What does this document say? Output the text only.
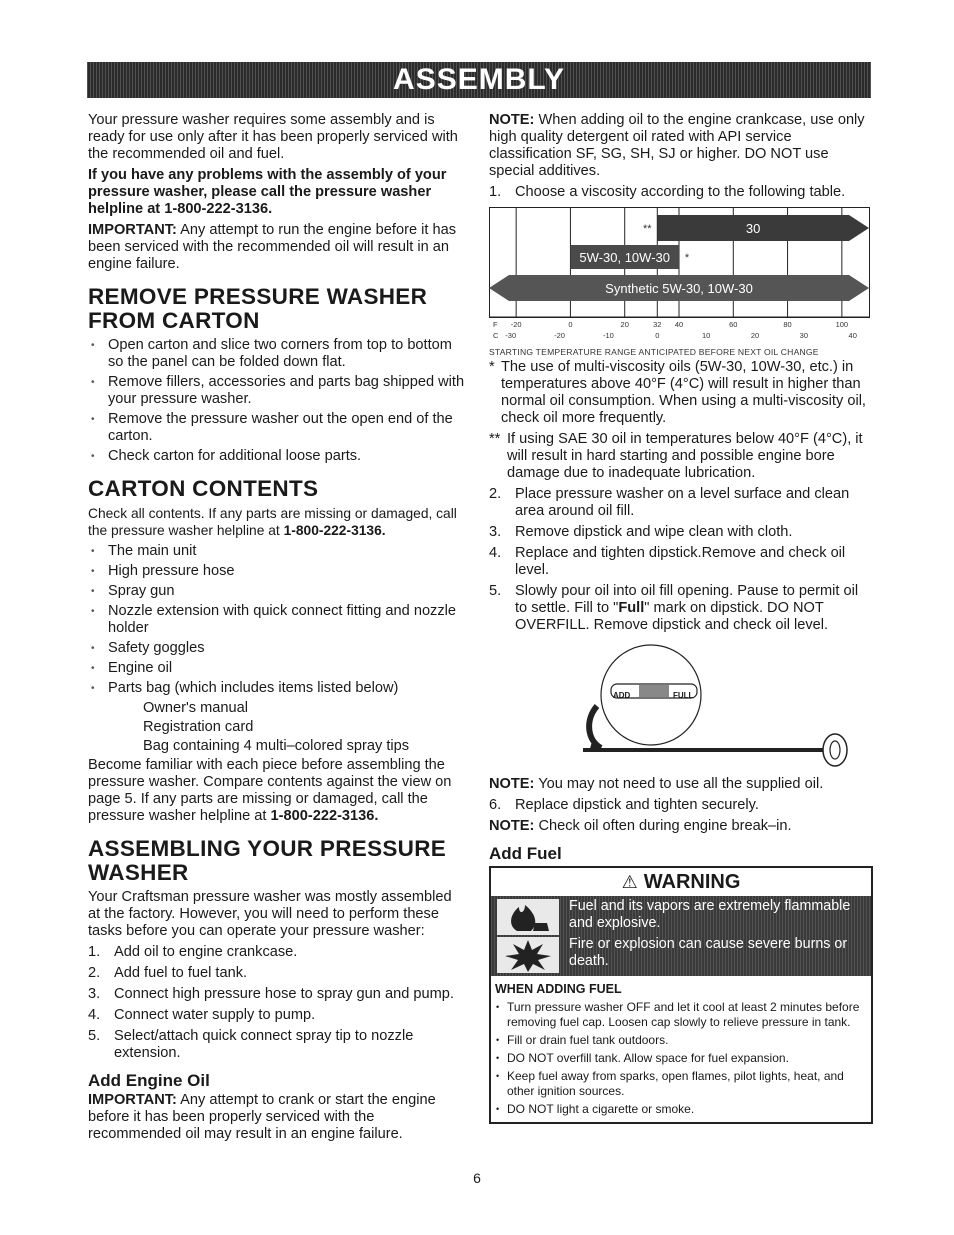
ASSEMBLY

Your pressure washer requires some assembly and is ready for use only after it has been properly serviced with the recommended oil and fuel.

If you have any problems with the assembly of your pressure washer, please call the pressure washer helpline at 1-800-222-3136.

IMPORTANT: Any attempt to run the engine before it has been serviced with the recommended oil will result in an engine failure.

REMOVE PRESSURE WASHER
FROM CARTON
• Open carton and slice two corners from top to bottom so the panel can be folded down flat.
• Remove fillers, accessories and parts bag shipped with your pressure washer.
• Remove the pressure washer out the open end of the carton.
• Check carton for additional loose parts.
CARTON CONTENTS

Check all contents. If any parts are missing or damaged, call the pressure washer helpline at 1-800-222-3136.

• The main unit
• High pressure hose
• Spray gun
• Nozzle extension with quick connect fitting and nozzle holder
• Safety goggles
• Engine oil
• Parts bag (which includes items listed below)
Owner's manual
Registration card
Bag containing 4 multi–colored spray tips

Become familiar with each piece before assembling the pressure washer. Compare contents against the view on page 5. If any parts are missing or damaged, call the pressure washer helpline at 1-800-222-3136.

ASSEMBLING YOUR PRESSURE
WASHER

Your Craftsman pressure washer was mostly assembled at the factory. However, you will need to perform these tasks before you can operate your pressure washer:

1. Add oil to engine crankcase.
2. Add fuel to fuel tank.
3. Connect high pressure hose to spray gun and pump.
4. Connect water supply to pump.
5. Select/attach quick connect spray tip to nozzle extension.
Add Engine Oil

IMPORTANT: Any attempt to crank or start the engine before it has been properly serviced with the recommended oil may result in an engine failure.

NOTE: When adding oil to the engine crankcase, use only high quality detergent oil rated with API service classification SF, SG, SH, SJ or higher. DO NOT use special additives.

1. Choose a viscosity according to the following table.
30
**
5W-30, 10W-30 *
Synthetic 5W-30, 10W-30
F -20	0	20	32 40	60	80	100
C -30	-20	-10	0	10	20	30	40
STARTING TEMPERATURE RANGE ANTICIPATED BEFORE NEXT OIL CHANGE
* The use of multi-viscosity oils (5W-30, 10W-30, etc.) in temperatures above 40°F (4°C) will result in higher than normal oil consumption. When using a multi-viscosity oil, check oil more frequently.
** If using SAE 30 oil in temperatures below 40°F (4°C), it will result in hard starting and possible engine bore damage due to inadequate lubrication.
2. Place pressure washer on a level surface and clean area around oil fill.
3. Remove dipstick and wipe clean with cloth.
4. Replace and tighten dipstick.Remove and check oil level.
5. Slowly pour oil into oil fill opening. Pause to permit oil to settle. Fill to "Full" mark on dipstick. DO NOT OVERFILL. Remove dipstick and check oil level.
ADD	FULL

NOTE: You may not need to use all the supplied oil.

6. Replace dipstick and tighten securely.

NOTE: Check oil often during engine break–in.

Add Fuel
⚠ WARNING
Fuel and its vapors are extremely flammable and explosive.
Fire or explosion can cause severe burns or death.
WHEN ADDING FUEL
• Turn pressure washer OFF and let it cool at least 2 minutes before removing fuel cap. Loosen cap slowly to relieve pressure in tank.
• Fill or drain fuel tank outdoors.
• DO NOT overfill tank. Allow space for fuel expansion.
• Keep fuel away from sparks, open flames, pilot lights, heat, and other ignition sources.
• DO NOT light a cigarette or smoke.
6
